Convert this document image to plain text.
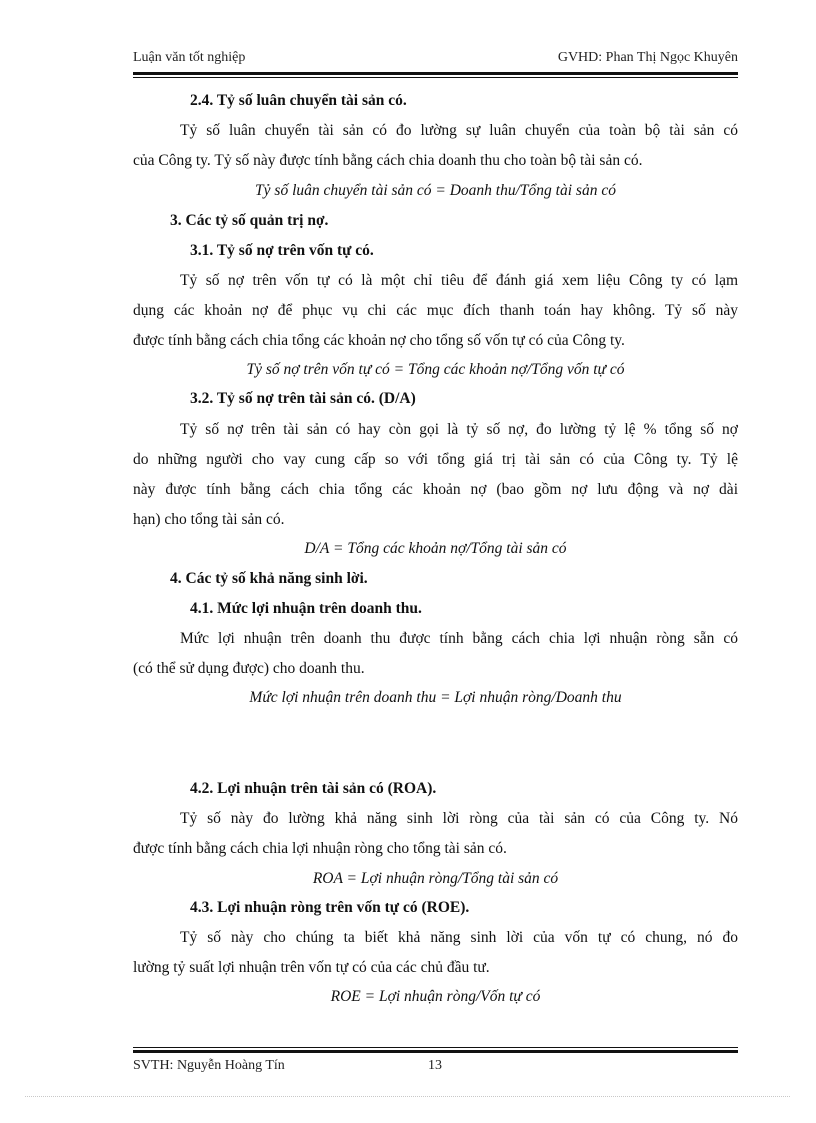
Luận văn tốt nghiệp	GVHD: Phan Thị Ngọc Khuyên
2.4. Tỷ số luân chuyển tài sản có.
Tỷ số luân chuyển tài sản có đo lường sự luân chuyển của toàn bộ tài sản có
của Công ty. Tỷ số này được tính bằng cách chia doanh thu cho toàn bộ tài sản có.
Tỷ số luân chuyển tài sản có = Doanh thu/Tổng tài sản có
3. Các tỷ số quản trị nợ.
3.1. Tỷ số nợ trên vốn tự có.
Tỷ số nợ trên vốn tự có là một chỉ tiêu để đánh giá xem liệu Công ty có lạm
dụng các khoản nợ để phục vụ chi các mục đích thanh toán hay không. Tỷ số này
được tính bằng cách chia tổng các khoản nợ cho tổng số vốn tự có của Công ty.
Tỷ số nợ trên vốn tự có = Tổng các khoản nợ/Tổng vốn tự có
3.2. Tỷ số nợ trên tài sản có. (D/A)
Tỷ số nợ trên tài sản có hay còn gọi là tỷ số nợ, đo lường tỷ lệ % tổng số nợ
do những người cho vay cung cấp so với tổng giá trị tài sản có của Công ty. Tỷ lệ
này được tính bằng cách chia tổng các khoản nợ (bao gồm nợ lưu động và nợ dài
hạn) cho tổng tài sản có.
D/A = Tổng các khoản nợ/Tổng tài sản có
4. Các tỷ số khả năng sinh lời.
4.1. Mức lợi nhuận trên doanh thu.
Mức lợi nhuận trên doanh thu được tính bằng cách chia lợi nhuận ròng sẵn có
(có thể sử dụng được) cho doanh thu.
Mức lợi nhuận trên doanh thu = Lợi nhuận ròng/Doanh thu
4.2. Lợi nhuận trên tài sản có (ROA).
Tỷ số này đo lường khả năng sinh lời ròng của tài sản có của Công ty. Nó
được tính bằng cách chia lợi nhuận ròng cho tổng tài sản có.
ROA = Lợi nhuận ròng/Tổng tài sản có
4.3. Lợi nhuận ròng trên vốn tự có (ROE).
Tỷ số này cho chúng ta biết khả năng sinh lời của vốn tự có chung, nó đo
lường tỷ suất lợi nhuận trên vốn tự có của các chủ đầu tư.
ROE = Lợi nhuận ròng/Vốn tự có
SVTH: Nguyễn Hoàng Tín	13
